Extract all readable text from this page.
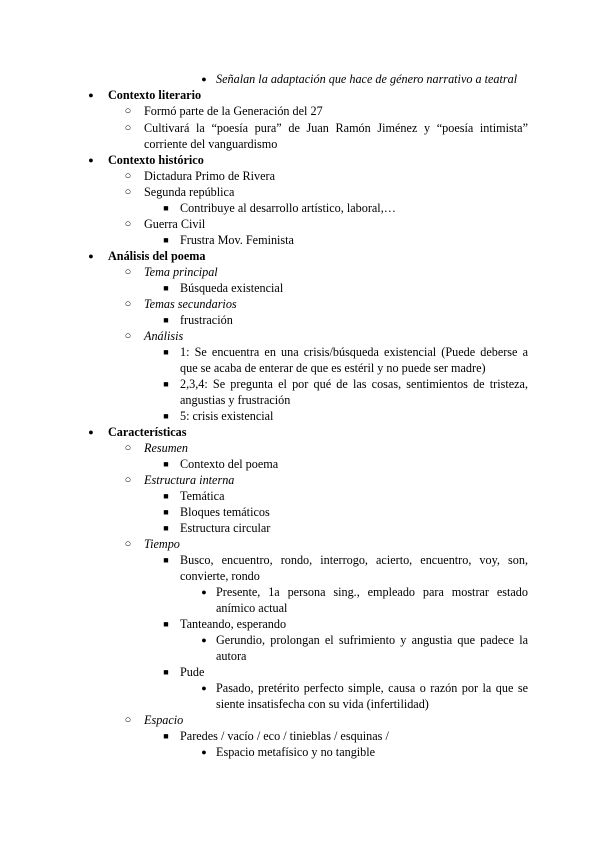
● Señalan la adaptación que hace de género narrativo a teatral
●	Contexto literario
○	Formó parte de la Generación del 27
○	Cultivará la “poesía pura” de Juan Ramón Jiménez y “poesía intimista” corriente del vanguardismo
●	Contexto histórico
○	Dictadura Primo de Rivera
○	Segunda república
■ Contribuye al desarrollo artístico, laboral,…
○	Guerra Civil
■ Frustra Mov. Feminista
●	Análisis del poema
○	Tema principal
■ Búsqueda existencial
○	Temas secundarios
■ frustración
○	Análisis
■ 1: Se encuentra en una crisis/búsqueda existencial (Puede deberse a que se acaba de enterar de que es estéril y no puede ser madre)
■ 2,3,4: Se pregunta el por qué de las cosas, sentimientos de tristeza, angustias y frustración
■ 5: crisis existencial
●	Características
○	Resumen
■ Contexto del poema
○	Estructura interna
■ Temática
■ Bloques temáticos
■ Estructura circular
○	Tiempo
■ Busco, encuentro, rondo, interrogo, acierto, encuentro, voy, son, convierte, rondo
● Presente, 1a persona sing., empleado para mostrar estado anímico actual
■ Tanteando, esperando
● Gerundio, prolongan el sufrimiento y angustia que padece la autora
■ Pude
● Pasado, pretérito perfecto simple, causa o razón por la que se siente insatisfecha con su vida (infertilidad)
○	Espacio
■ Paredes / vacío / eco / tinieblas / esquinas /
● Espacio metafísico y no tangible
